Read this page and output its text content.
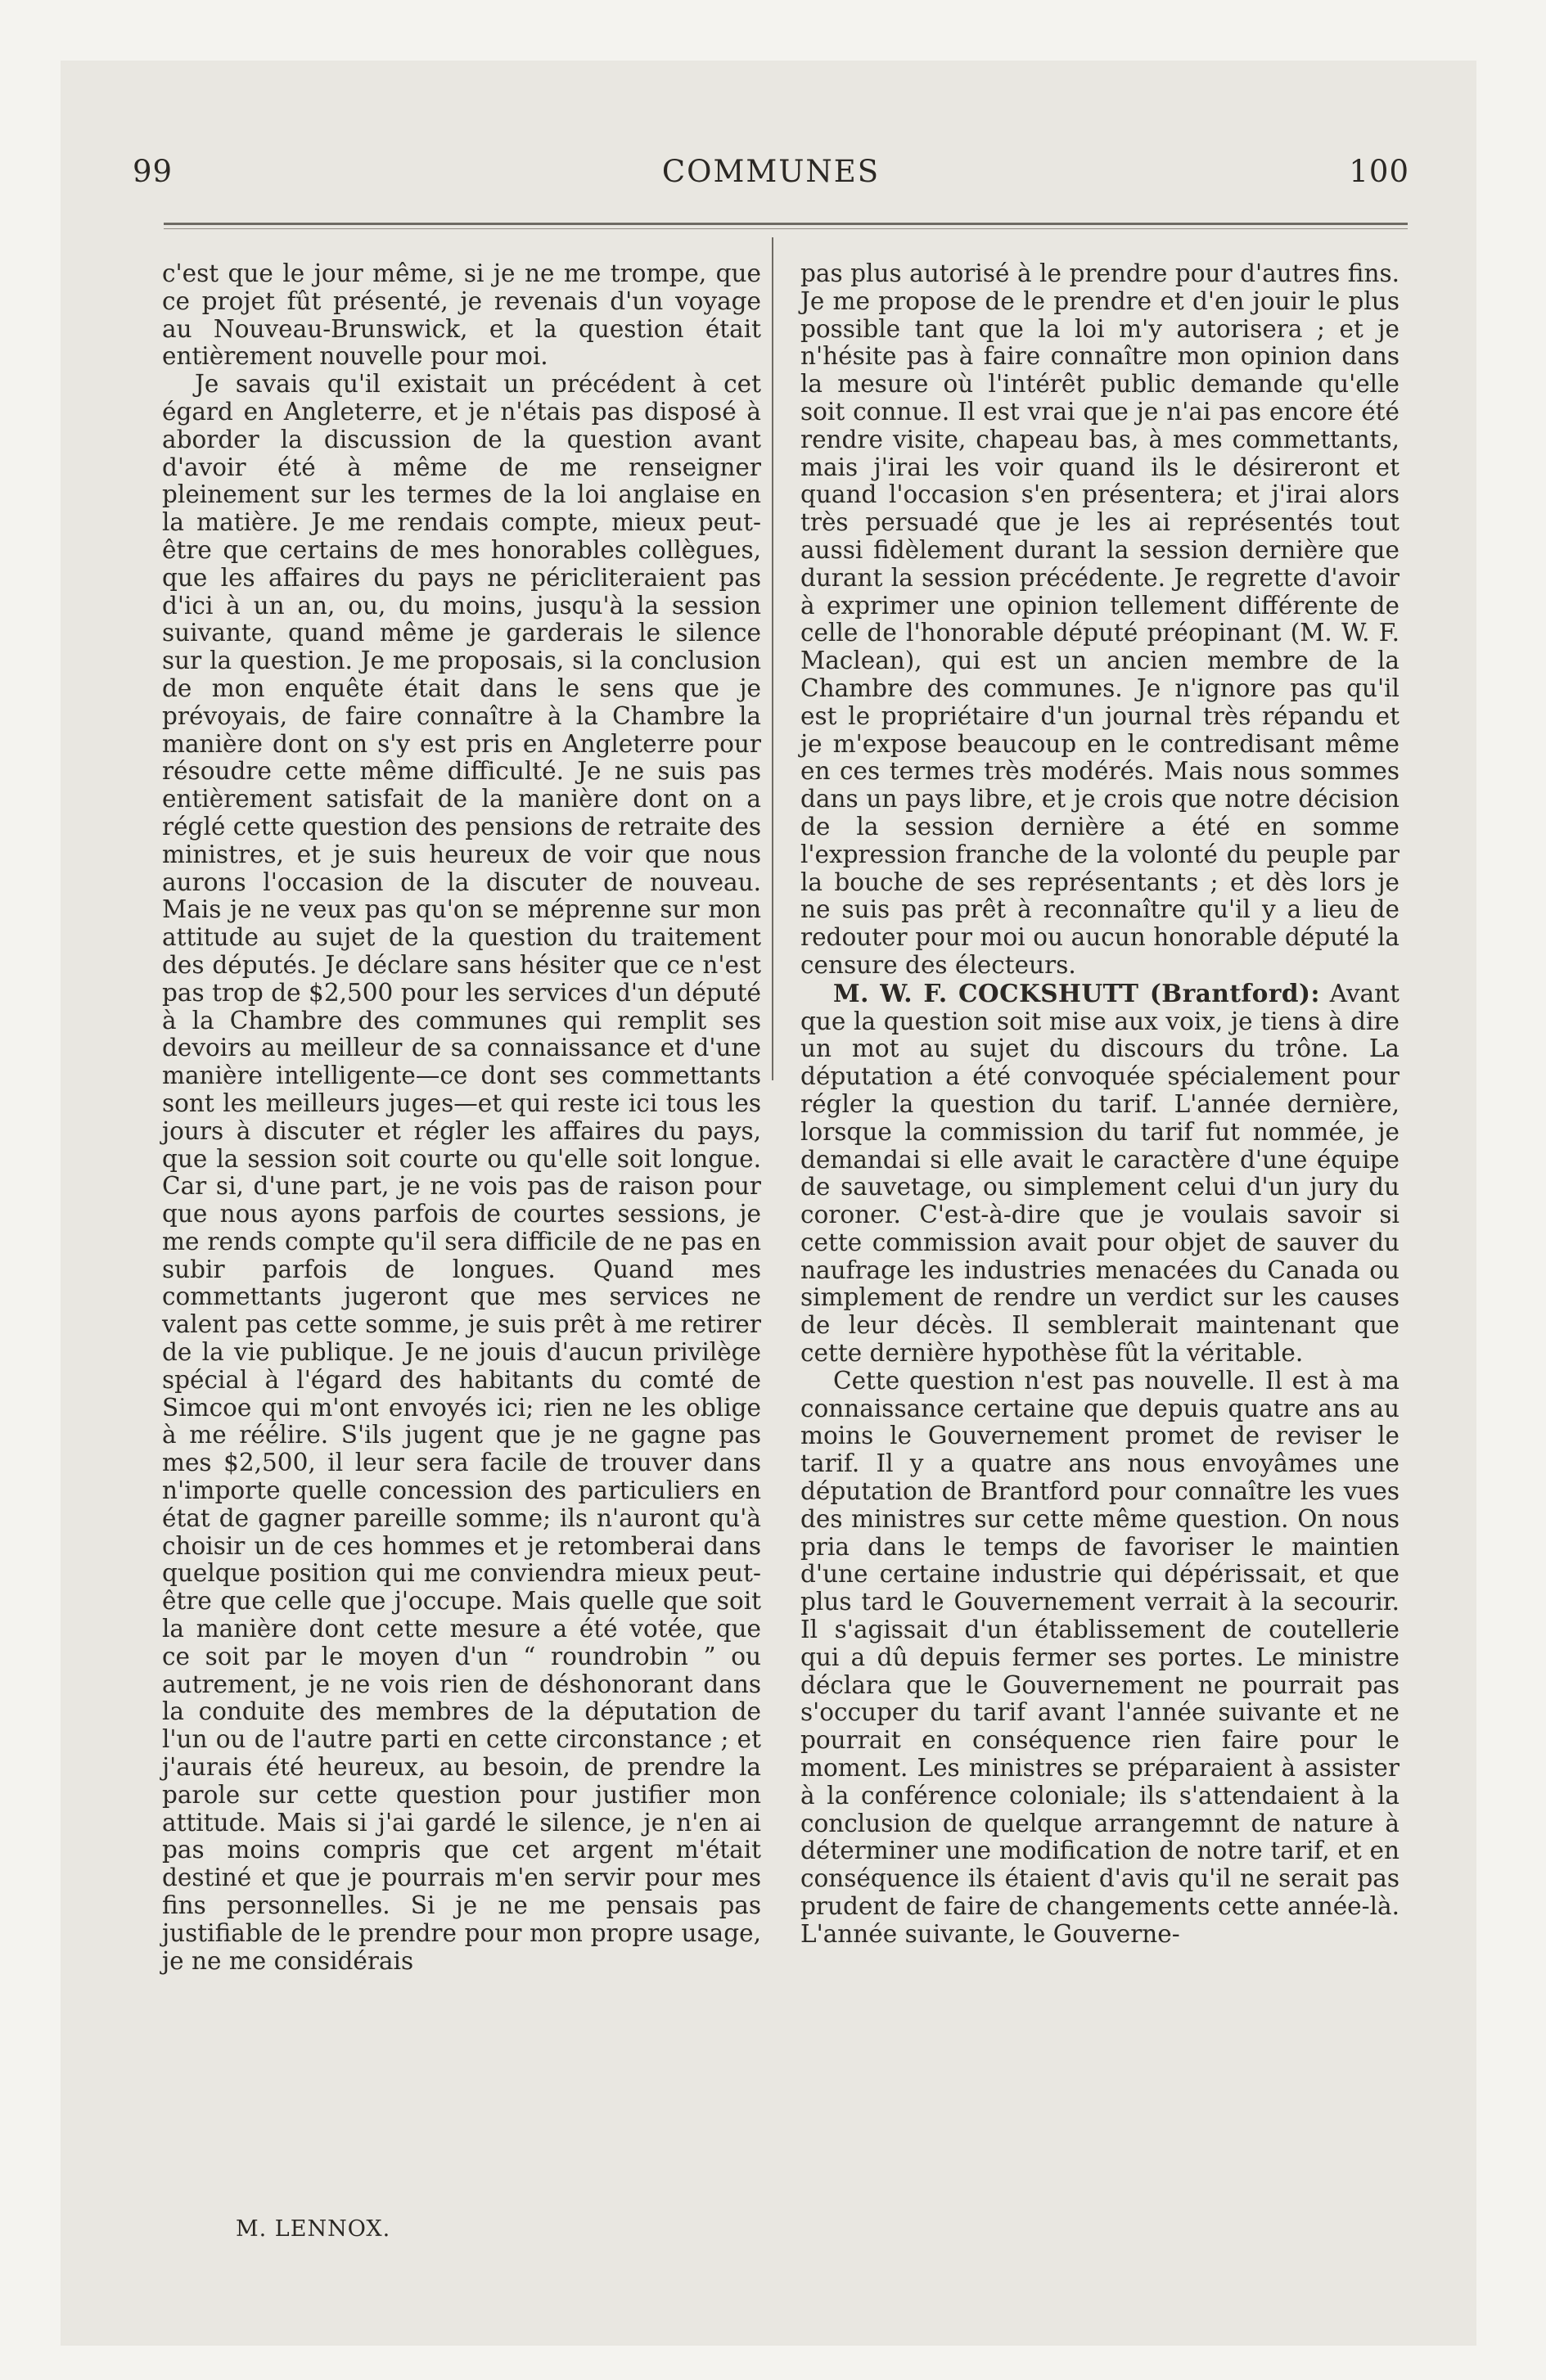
99	COMMUNES	100

c'est que le jour même, si je ne me trompe, que ce projet fût présenté, je revenais d'un voyage au Nouveau-Brunswick, et la question était entièrement nouvelle pour moi.

Je savais qu'il existait un précédent à cet égard en Angleterre, et je n'étais pas disposé à aborder la discussion de la question avant d'avoir été à même de me renseigner pleinement sur les termes de la loi anglaise en la matière. Je me rendais compte, mieux peut-être que certains de mes honorables collègues, que les affaires du pays ne péricliteraient pas d'ici à un an, ou, du moins, jusqu'à la session suivante, quand même je garderais le silence sur la question. Je me proposais, si la conclusion de mon enquête était dans le sens que je prévoyais, de faire connaître à la Chambre la manière dont on s'y est pris en Angleterre pour résoudre cette même difficulté. Je ne suis pas entièrement satisfait de la manière dont on a réglé cette question des pensions de retraite des ministres, et je suis heureux de voir que nous aurons l'occasion de la discuter de nouveau. Mais je ne veux pas qu'on se méprenne sur mon attitude au sujet de la question du traitement des députés. Je déclare sans hésiter que ce n'est pas trop de $2,500 pour les services d'un député à la Chambre des communes qui remplit ses devoirs au meilleur de sa connaissance et d'une manière intelligente—ce dont ses commettants sont les meilleurs juges—et qui reste ici tous les jours à discuter et régler les affaires du pays, que la session soit courte ou qu'elle soit longue. Car si, d'une part, je ne vois pas de raison pour que nous ayons parfois de courtes sessions, je me rends compte qu'il sera difficile de ne pas en subir parfois de longues. Quand mes commettants jugeront que mes services ne valent pas cette somme, je suis prêt à me retirer de la vie publique. Je ne jouis d'aucun privilège spécial à l'égard des habitants du comté de Simcoe qui m'ont envoyés ici; rien ne les oblige à me réélire. S'ils jugent que je ne gagne pas mes $2,500, il leur sera facile de trouver dans n'importe quelle concession des particuliers en état de gagner pareille somme; ils n'auront qu'à choisir un de ces hommes et je retomberai dans quelque position qui me conviendra mieux peut-être que celle que j'occupe. Mais quelle que soit la manière dont cette mesure a été votée, que ce soit par le moyen d'un “ roundrobin ” ou autrement, je ne vois rien de déshonorant dans la conduite des membres de la députation de l'un ou de l'autre parti en cette circonstance ; et j'aurais été heureux, au besoin, de prendre la parole sur cette question pour justifier mon attitude. Mais si j'ai gardé le silence, je n'en ai pas moins compris que cet argent m'était destiné et que je pourrais m'en servir pour mes fins personnelles. Si je ne me pensais pas justifiable de le prendre pour mon propre usage, je ne me considérais

M. LENNOX.

pas plus autorisé à le prendre pour d'autres fins. Je me propose de le prendre et d'en jouir le plus possible tant que la loi m'y autorisera ; et je n'hésite pas à faire connaître mon opinion dans la mesure où l'intérêt public demande qu'elle soit connue. Il est vrai que je n'ai pas encore été rendre visite, chapeau bas, à mes commettants, mais j'irai les voir quand ils le désireront et quand l'occasion s'en présentera; et j'irai alors très persuadé que je les ai représentés tout aussi fidèlement durant la session dernière que durant la session précédente. Je regrette d'avoir à exprimer une opinion tellement différente de celle de l'honorable député préopinant (M. W. F. Maclean), qui est un ancien membre de la Chambre des communes. Je n'ignore pas qu'il est le propriétaire d'un journal très répandu et je m'expose beaucoup en le contredisant même en ces termes très modérés. Mais nous sommes dans un pays libre, et je crois que notre décision de la session dernière a été en somme l'expression franche de la volonté du peuple par la bouche de ses représentants ; et dès lors je ne suis pas prêt à reconnaître qu'il y a lieu de redouter pour moi ou aucun honorable député la censure des électeurs.

M. W. F. COCKSHUTT (Brantford): Avant que la question soit mise aux voix, je tiens à dire un mot au sujet du discours du trône. La députation a été convoquée spécialement pour régler la question du tarif. L'année dernière, lorsque la commission du tarif fut nommée, je demandai si elle avait le caractère d'une équipe de sauvetage, ou simplement celui d'un jury du coroner. C'est-à-dire que je voulais savoir si cette commission avait pour objet de sauver du naufrage les industries menacées du Canada ou simplement de rendre un verdict sur les causes de leur décès. Il semblerait maintenant que cette dernière hypothèse fût la véritable.

Cette question n'est pas nouvelle. Il est à ma connaissance certaine que depuis quatre ans au moins le Gouvernement promet de reviser le tarif. Il y a quatre ans nous envoyâmes une députation de Brantford pour connaître les vues des ministres sur cette même question. On nous pria dans le temps de favoriser le maintien d'une certaine industrie qui dépérissait, et que plus tard le Gouvernement verrait à la secourir. Il s'agissait d'un établissement de coutellerie qui a dû depuis fermer ses portes. Le ministre déclara que le Gouvernement ne pourrait pas s'occuper du tarif avant l'année suivante et ne pourrait en conséquence rien faire pour le moment. Les ministres se préparaient à assister à la conférence coloniale; ils s'attendaient à la conclusion de quelque arrangemnt de nature à déterminer une modification de notre tarif, et en conséquence ils étaient d'avis qu'il ne serait pas prudent de faire de changements cette année-là. L'année suivante, le Gouverne-
